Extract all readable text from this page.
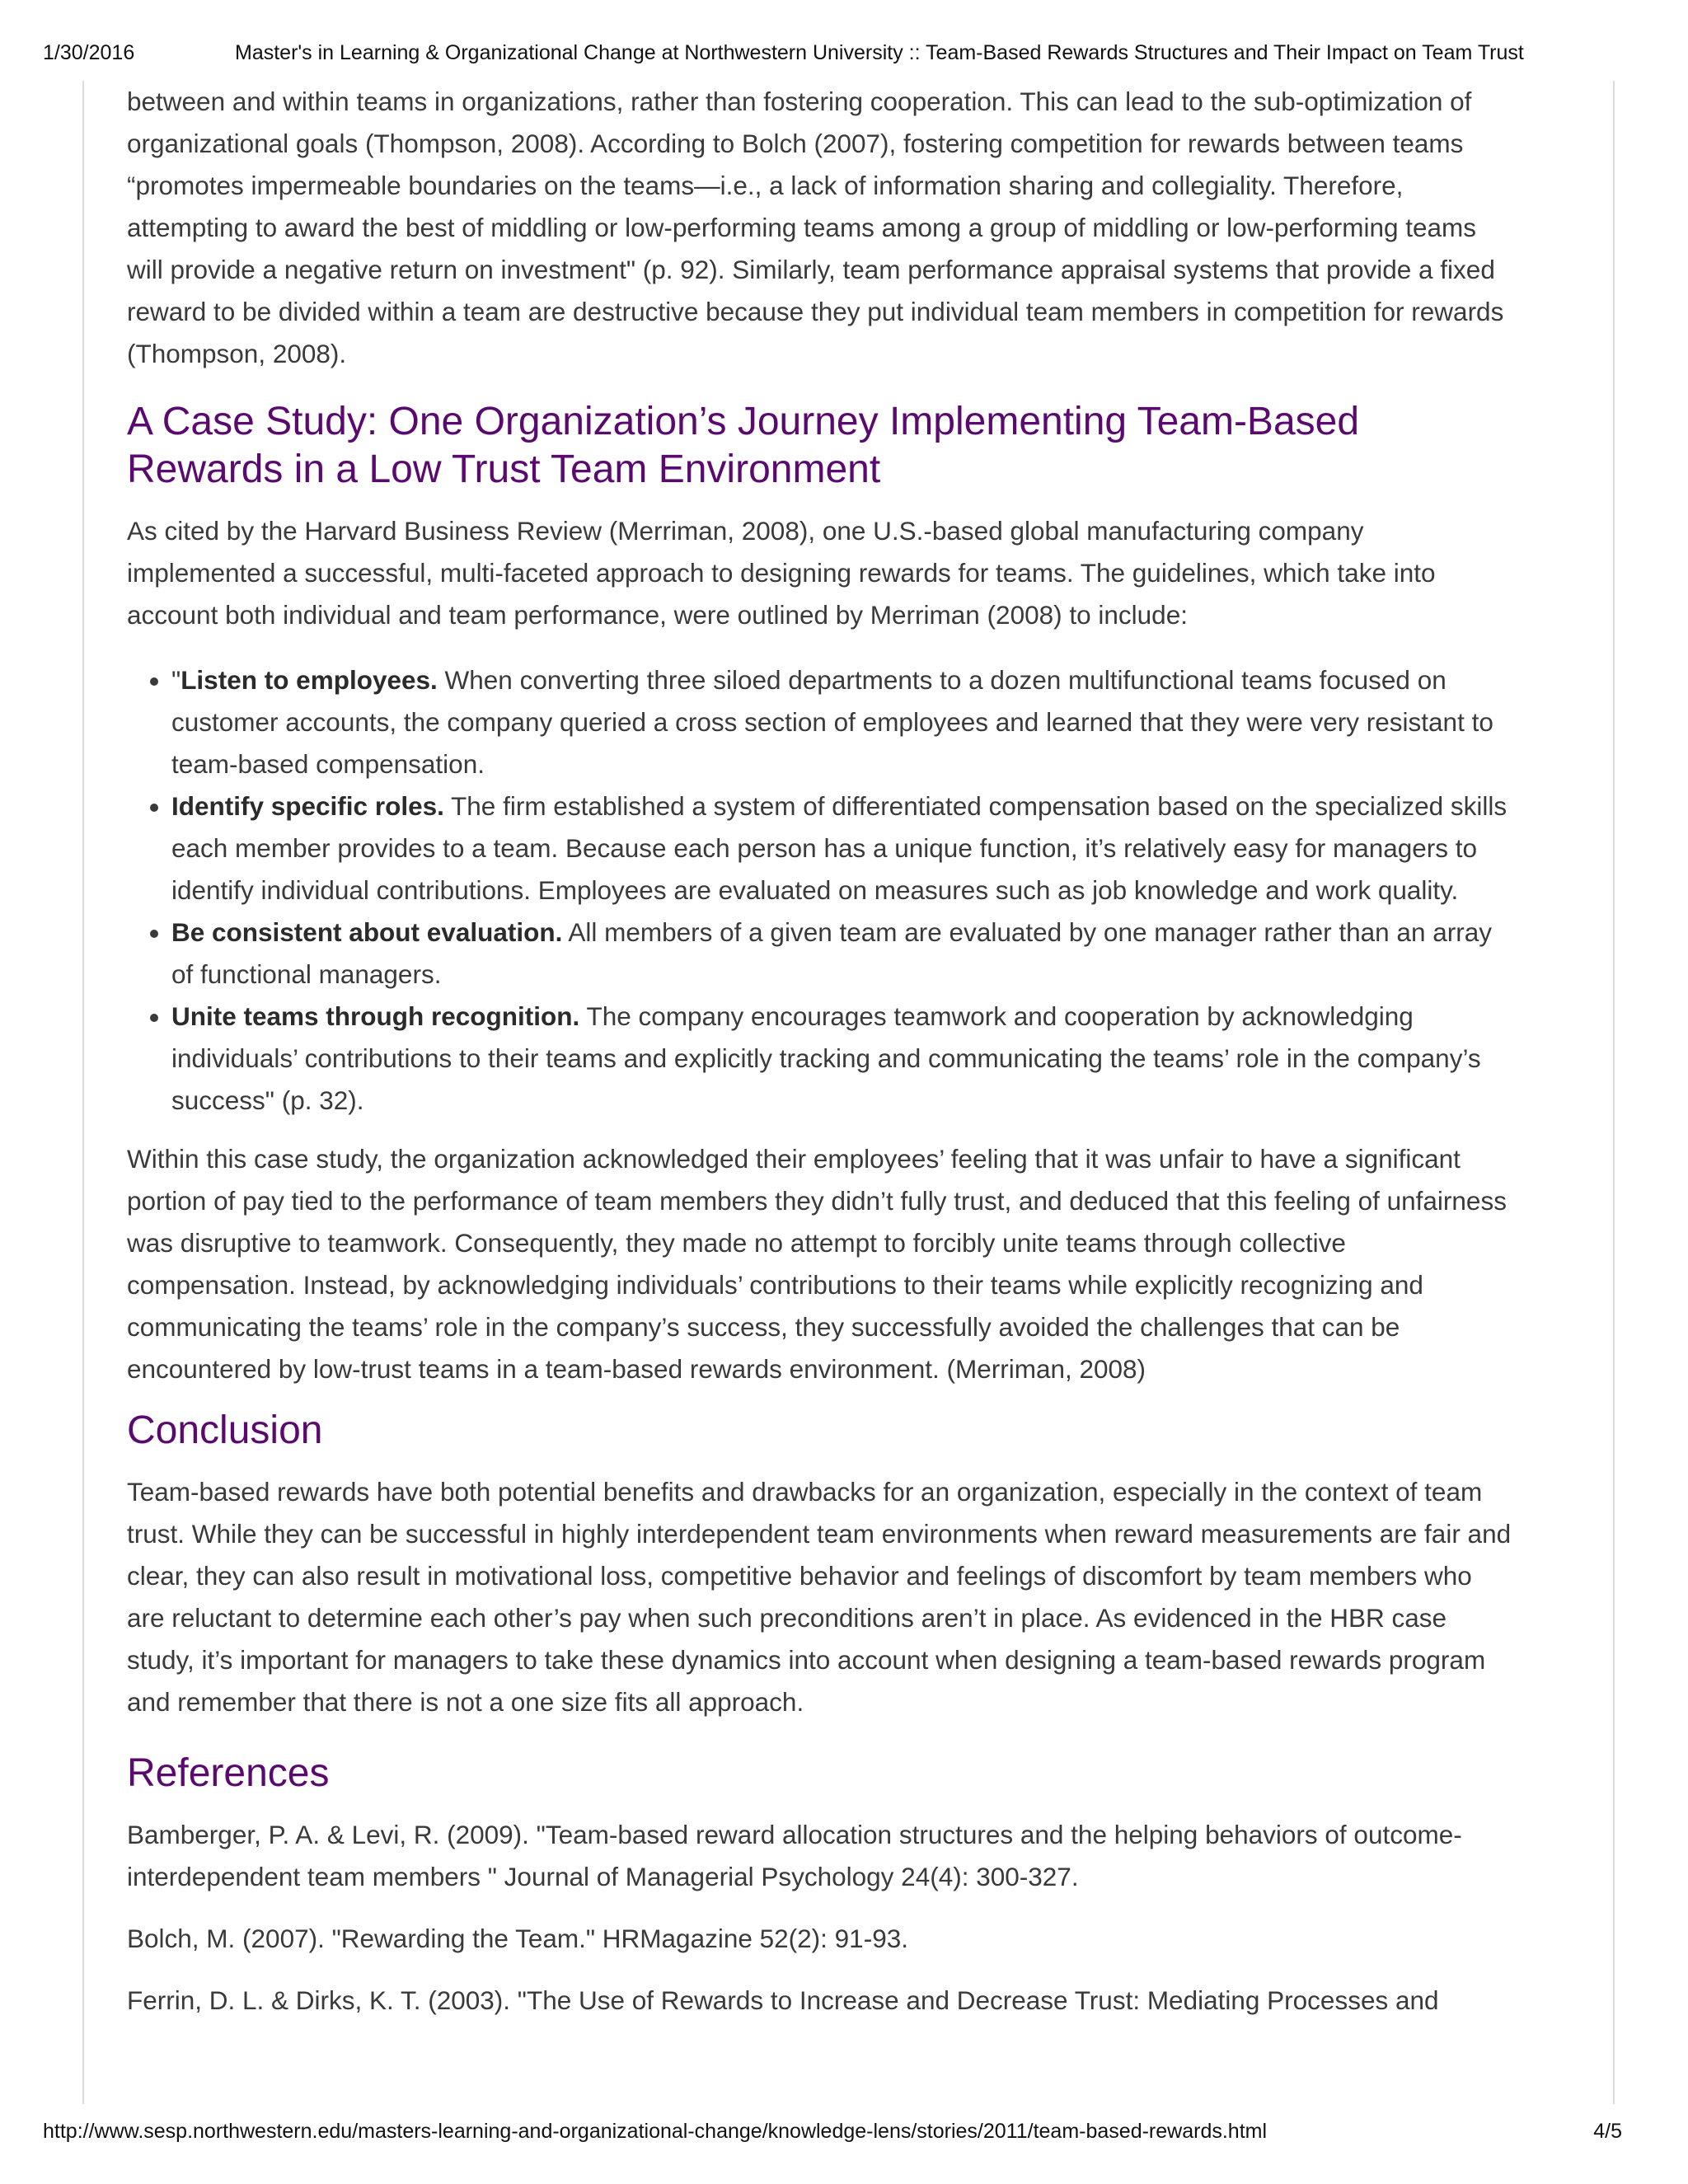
1/30/2016	Master's in Learning & Organizational Change at Northwestern University :: Team-Based Rewards Structures and Their Impact on Team Trust

between and within teams in organizations, rather than fostering cooperation. This can lead to the sub-optimization of organizational goals (Thompson, 2008). According to Bolch (2007), fostering competition for rewards between teams “promotes impermeable boundaries on the teams—i.e., a lack of information sharing and collegiality. Therefore, attempting to award the best of middling or low-performing teams among a group of middling or low-performing teams will provide a negative return on investment" (p. 92). Similarly, team performance appraisal systems that provide a fixed reward to be divided within a team are destructive because they put individual team members in competition for rewards (Thompson, 2008).

A Case Study: One Organization’s Journey Implementing Team-Based Rewards in a Low Trust Team Environment

As cited by the Harvard Business Review (Merriman, 2008), one U.S.-based global manufacturing company implemented a successful, multi-faceted approach to designing rewards for teams. The guidelines, which take into account both individual and team performance, were outlined by Merriman (2008) to include:

• "Listen to employees. When converting three siloed departments to a dozen multifunctional teams focused on customer accounts, the company queried a cross section of employees and learned that they were very resistant to team-based compensation.
• Identify specific roles. The firm established a system of differentiated compensation based on the specialized skills each member provides to a team. Because each person has a unique function, it’s relatively easy for managers to identify individual contributions. Employees are evaluated on measures such as job knowledge and work quality.
• Be consistent about evaluation. All members of a given team are evaluated by one manager rather than an array of functional managers.
• Unite teams through recognition. The company encourages teamwork and cooperation by acknowledging individuals’ contributions to their teams and explicitly tracking and communicating the teams’ role in the company’s success" (p. 32).

Within this case study, the organization acknowledged their employees’ feeling that it was unfair to have a significant portion of pay tied to the performance of team members they didn’t fully trust, and deduced that this feeling of unfairness was disruptive to teamwork. Consequently, they made no attempt to forcibly unite teams through collective compensation. Instead, by acknowledging individuals’ contributions to their teams while explicitly recognizing and communicating the teams’ role in the company’s success, they successfully avoided the challenges that can be encountered by low-trust teams in a team-based rewards environment. (Merriman, 2008)

Conclusion

Team-based rewards have both potential benefits and drawbacks for an organization, especially in the context of team trust. While they can be successful in highly interdependent team environments when reward measurements are fair and clear, they can also result in motivational loss, competitive behavior and feelings of discomfort by team members who are reluctant to determine each other’s pay when such preconditions aren’t in place. As evidenced in the HBR case study, it’s important for managers to take these dynamics into account when designing a team-based rewards program and remember that there is not a one size fits all approach.

References

Bamberger, P. A. & Levi, R. (2009). "Team-based reward allocation structures and the helping behaviors of outcome-interdependent team members " Journal of Managerial Psychology 24(4): 300-327.

Bolch, M. (2007). "Rewarding the Team." HRMagazine 52(2): 91-93.

Ferrin, D. L. & Dirks, K. T. (2003). "The Use of Rewards to Increase and Decrease Trust: Mediating Processes and

http://www.sesp.northwestern.edu/masters-learning-and-organizational-change/knowledge-lens/stories/2011/team-based-rewards.html	4/5
